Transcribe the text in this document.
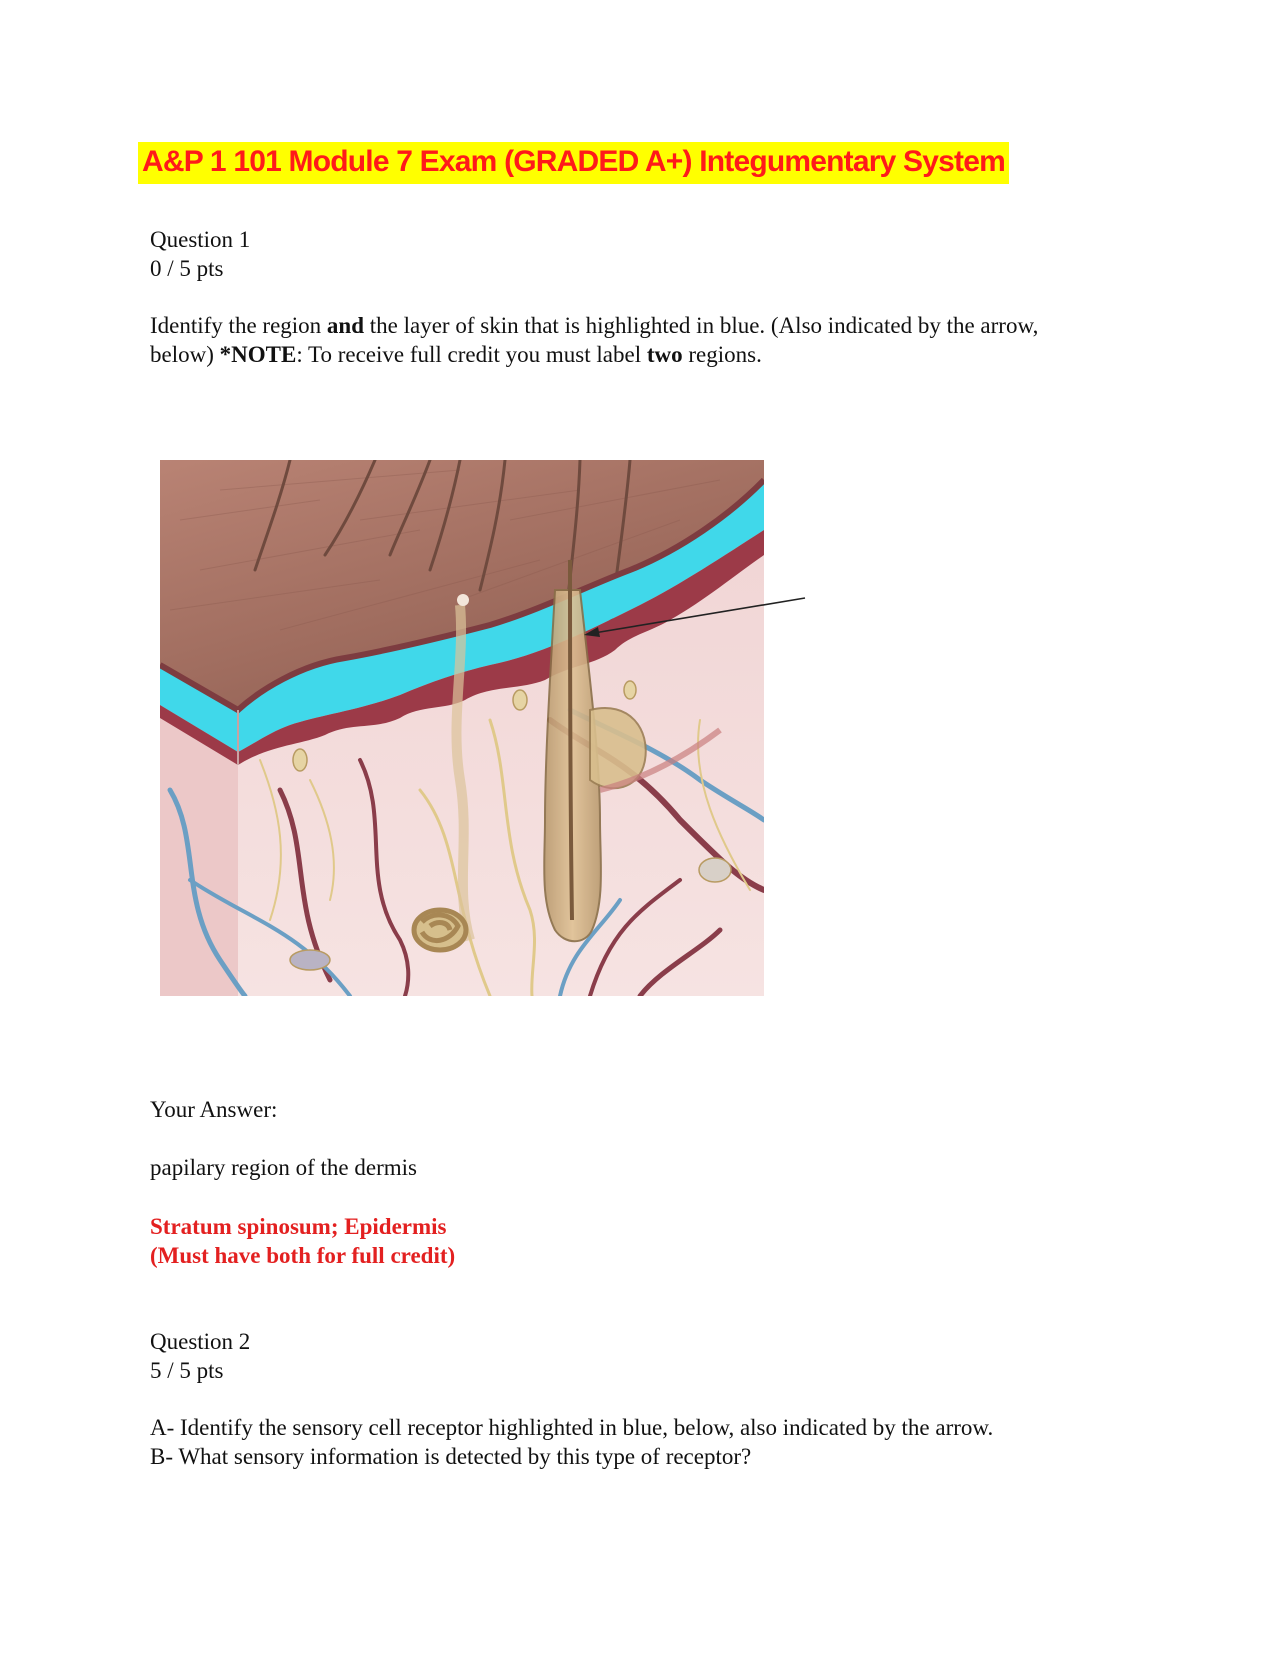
A&P 1 101 Module 7 Exam (GRADED A+) Integumentary System

Question 1

0 / 5 pts

Identify the region and the layer of skin that is highlighted in blue. (Also indicated by the arrow,

below) *NOTE: To receive full credit you must label two regions.

Your Answer:

papilary region of the dermis

Stratum spinosum; Epidermis

(Must have both for full credit)

Question 2

5 / 5 pts

A- Identify the sensory cell receptor highlighted in blue, below, also indicated by the arrow.

B- What sensory information is detected by this type of receptor?
